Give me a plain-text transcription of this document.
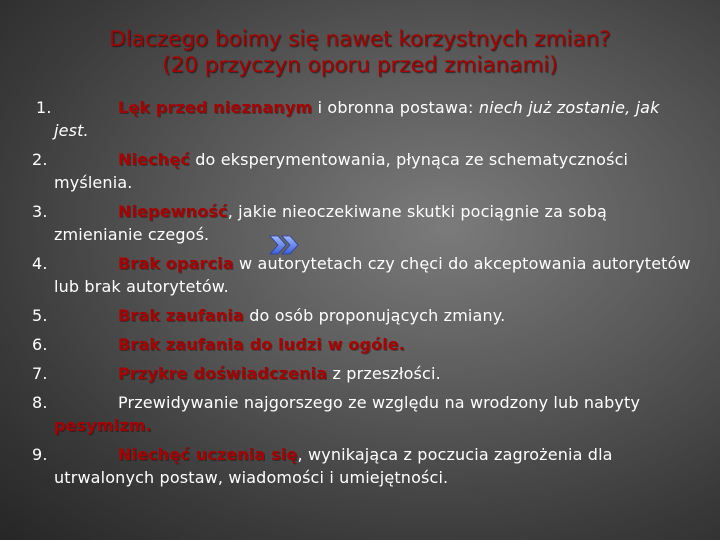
Dlaczego boimy się nawet korzystnych zmian?
(20 przyczyn oporu przed zmianami)
1.	Lęk przed nieznanym i obronna postawa: niech już zostanie, jak jest.
2.	Niechęć do eksperymentowania, płynąca ze schematyczności myślenia.
3.	Niepewność, jakie nieoczekiwane skutki pociągnie za sobą zmienianie czegoś.
4.	Brak oparcia w autorytetach czy chęci do akceptowania autorytetów lub brak autorytetów.
5.	Brak zaufania do osób proponujących zmiany.
6.	Brak zaufania do ludzi w ogóle.
7.	Przykre doświadczenia z przeszłości.
8.	Przewidywanie najgorszego ze względu na wrodzony lub nabyty pesymizm.
9.	Niechęć uczenia się, wynikająca z poczucia zagrożenia dla utrwalonych postaw, wiadomości i umiejętności.
